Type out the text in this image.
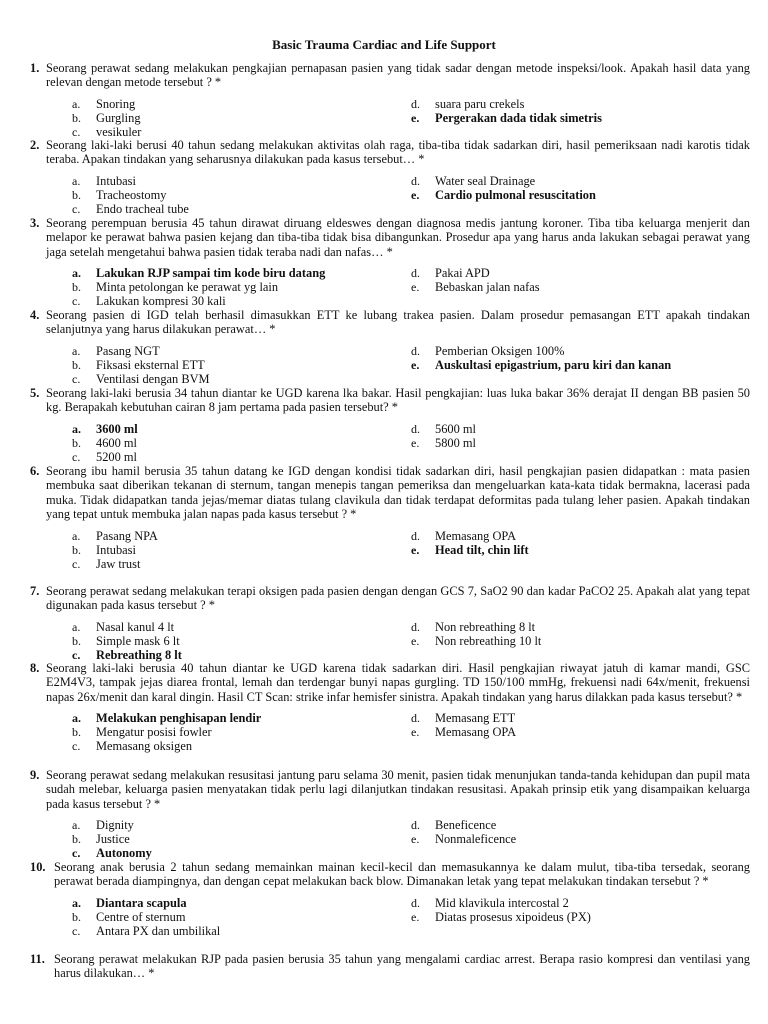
Basic Trauma Cardiac and Life Support
1. Seorang perawat sedang melakukan pengkajian pernapasan pasien yang tidak sadar dengan metode inspeksi/look. Apakah hasil data yang relevan dengan metode tersebut ? *
a.	Snoring
b.	Gurgling
c.	vesikuler
d.	suara paru crekels
e.	Pergerakan dada tidak simetris
2. Seorang laki-laki berusi 40 tahun sedang melakukan aktivitas olah raga, tiba-tiba tidak sadarkan diri, hasil pemeriksaan nadi karotis tidak teraba. Apakan tindakan yang seharusnya dilakukan pada kasus tersebut… *
a.	Intubasi
b.	Tracheostomy
c.	Endo tracheal tube
d.	Water seal Drainage
e.	Cardio pulmonal resuscitation
3. Seorang perempuan berusia 45 tahun dirawat diruang eldeswes dengan diagnosa medis jantung koroner. Tiba tiba keluarga menjerit dan melapor ke perawat bahwa pasien kejang dan tiba-tiba tidak bisa dibangunkan. Prosedur apa yang harus anda lakukan sebagai perawat yang jaga setelah mengetahui bahwa pasien tidak teraba nadi dan nafas… *
a.	Lakukan RJP sampai tim kode biru datang
b.	Minta petolongan ke perawat yg lain
c.	Lakukan kompresi 30 kali
d.	Pakai APD
e.	Bebaskan jalan nafas
4. Seorang pasien di IGD telah berhasil dimasukkan ETT ke lubang trakea pasien. Dalam prosedur pemasangan ETT apakah tindakan selanjutnya yang harus dilakukan perawat… *
a.	Pasang NGT
b.	Fiksasi eksternal ETT
c.	Ventilasi dengan BVM
d.	Pemberian Oksigen 100%
e.	Auskultasi epigastrium, paru kiri dan kanan
5. Seorang laki-laki berusia 34 tahun diantar ke UGD karena lka bakar. Hasil pengkajian: luas luka bakar 36% derajat II dengan BB pasien 50 kg. Berapakah kebutuhan cairan 8 jam pertama pada pasien tersebut? *
a.	3600 ml
b.	4600 ml
c.	5200 ml
d.	5600 ml
e.	5800 ml
6. Seorang ibu hamil berusia 35 tahun datang ke IGD dengan kondisi tidak sadarkan diri, hasil pengkajian pasien didapatkan : mata pasien membuka saat diberikan tekanan di sternum, tangan menepis tangan pemeriksa dan mengeluarkan kata-kata tidak bermakna, lacerasi pada muka. Tidak didapatkan tanda jejas/memar diatas tulang clavikula dan tidak terdapat deformitas pada tulang leher pasien. Apakah tindakan yang tepat untuk membuka jalan napas pada kasus tersebut ? *
a.	Pasang NPA
b.	Intubasi
c.	Jaw trust
d.	Memasang OPA
e.	Head tilt, chin lift
7. Seorang perawat sedang melakukan terapi oksigen pada pasien dengan dengan GCS 7, SaO2 90 dan kadar PaCO2 25. Apakah alat yang tepat digunakan pada kasus tersebut ? *
a.	Nasal kanul 4 lt
b.	Simple mask 6 lt
c.	Rebreathing 8 lt
d.	Non rebreathing 8 lt
e.	Non rebreathing 10 lt
8. Seorang laki-laki berusia 40 tahun diantar ke UGD karena tidak sadarkan diri. Hasil pengkajian riwayat jatuh di kamar mandi, GSC E2M4V3, tampak jejas diarea frontal, lemah dan terdengar bunyi napas gurgling. TD 150/100 mmHg, frekuensi nadi 64x/menit, frekuensi napas 26x/menit dan karal dingin. Hasil CT Scan: strike infar hemisfer sinistra. Apakah tindakan yang harus dilakkan pada kasus tersebut? *
a.	Melakukan penghisapan lendir
b.	Mengatur posisi fowler
c.	Memasang oksigen
d.	Memasang ETT
e.	Memasang OPA
9. Seorang perawat sedang melakukan resusitasi jantung paru selama 30 menit, pasien tidak menunjukan tanda-tanda kehidupan dan pupil mata sudah melebar, keluarga pasien menyatakan tidak perlu lagi dilanjutkan tindakan resusitasi. Apakah prinsip etik yang disampaikan keluarga pada kasus tersebut ? *
a.	Dignity
b.	Justice
c.	Autonomy
d.	Beneficence
e.	Nonmaleficence
10. Seorang anak berusia 2 tahun sedang memainkan mainan kecil-kecil dan memasukannya ke dalam mulut, tiba-tiba tersedak, seorang perawat berada diampingnya, dan dengan cepat melakukan back blow. Dimanakan letak yang tepat melakukan tindakan tersebut ? *
a.	Diantara scapula
b.	Centre of sternum
c.	Antara PX dan umbilikal
d.	Mid klavikula intercostal 2
e.	Diatas prosesus xipoideus (PX)
11. Seorang perawat melakukan RJP pada pasien berusia 35 tahun yang mengalami cardiac arrest. Berapa rasio kompresi dan ventilasi yang harus dilakukan… *
